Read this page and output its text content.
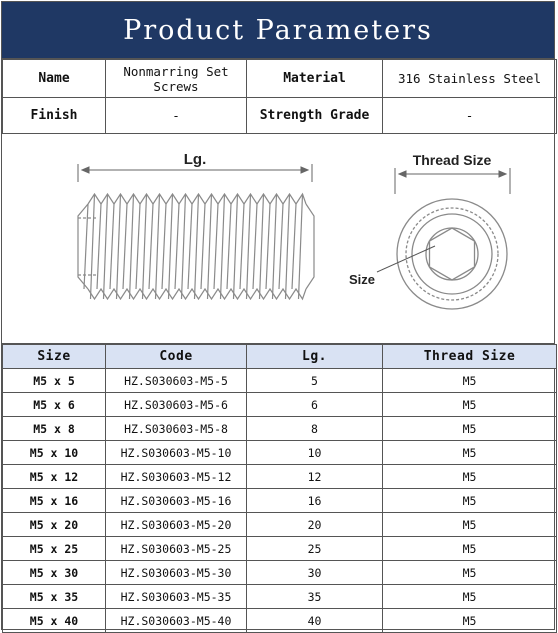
Product Parameters
Name	Nonmarring Set Screws	Material	316 Stainless Steel
Finish	-	Strength Grade	-
Lg.	Thread Size
Size
Size	Code	Lg.	Thread Size
M5 x 5	HZ.S030603-M5-5	5	M5
M5 x 6	HZ.S030603-M5-6	6	M5
M5 x 8	HZ.S030603-M5-8	8	M5
M5 x 10	HZ.S030603-M5-10	10	M5
M5 x 12	HZ.S030603-M5-12	12	M5
M5 x 16	HZ.S030603-M5-16	16	M5
M5 x 20	HZ.S030603-M5-20	20	M5
M5 x 25	HZ.S030603-M5-25	25	M5
M5 x 30	HZ.S030603-M5-30	30	M5
M5 x 35	HZ.S030603-M5-35	35	M5
M5 x 40	HZ.S030603-M5-40	40	M5
